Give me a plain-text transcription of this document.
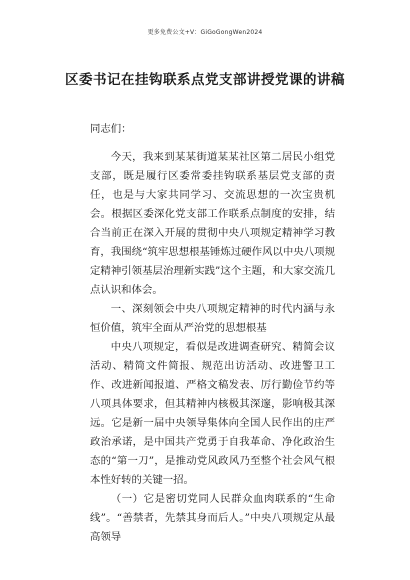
更多免费公文+V：GiGoGongWen2024
区委书记在挂钩联系点党支部讲授党课的讲稿

同志们：

今天，我来到某某街道某某社区第二居民小组党支部，既是履行区委常委挂钩联系基层党支部的责任，也是与大家共同学习、交流思想的一次宝贵机会。根据区委深化党支部工作联系点制度的安排，结合当前正在深入开展的贯彻中央八项规定精神学习教育，我围绕“筑牢思想根基锤炼过硬作风以中央八项规定精神引领基层治理新实践”这个主题，和大家交流几点认识和体会。

一、深刻领会中央八项规定精神的时代内涵与永恒价值，筑牢全面从严治党的思想根基

中央八项规定，看似是改进调查研究、精简会议活动、精简文件简报、规范出访活动、改进警卫工作、改进新闻报道、严格文稿发表、厉行勤俭节约等八项具体要求，但其精神内核极其深邃，影响极其深远。它是新一届中央领导集体向全国人民作出的庄严政治承诺，是中国共产党勇于自我革命、净化政治生态的“第一刀”，是推动党风政风乃至整个社会风气根本性好转的关键一招。

（一）它是密切党同人民群众血肉联系的“生命线”。“善禁者，先禁其身而后人。”中央八项规定从最高领导
